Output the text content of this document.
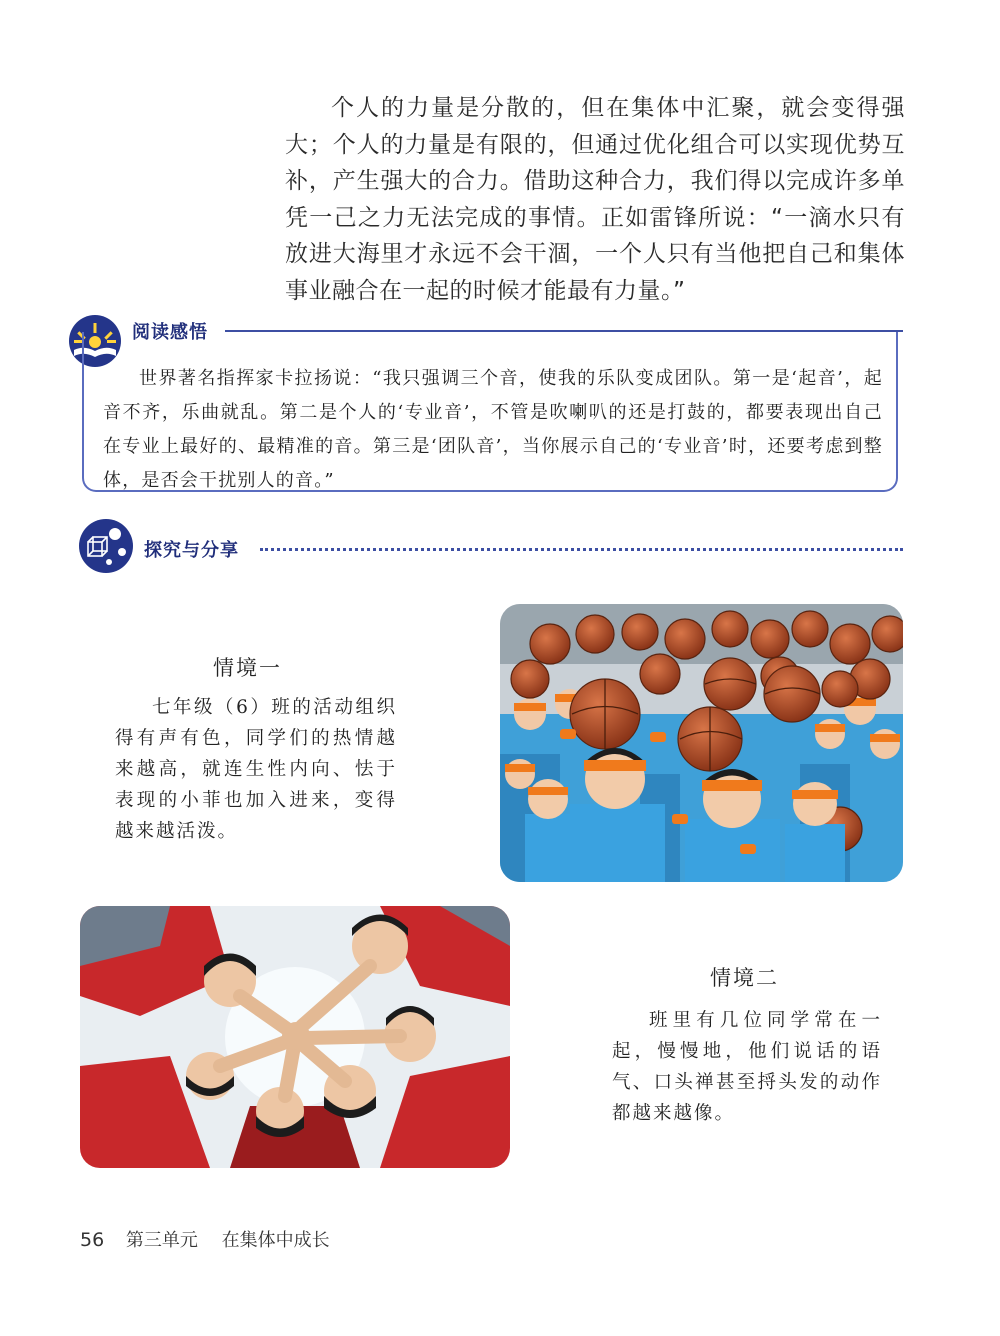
个人的力量是分散的，但在集体中汇聚，就会变得强大；个人的力量是有限的，但通过优化组合可以实现优势互补，产生强大的合力。借助这种合力，我们得以完成许多单凭一己之力无法完成的事情。正如雷锋所说：“一滴水只有放进大海里才永远不会干涸，一个人只有当他把自己和集体事业融合在一起的时候才能最有力量。”

阅读感悟

世界著名指挥家卡拉扬说：“我只强调三个音，使我的乐队变成团队。第一是‘起音’，起音不齐，乐曲就乱。第二是个人的‘专业音’，不管是吹喇叭的还是打鼓的，都要表现出自己在专业上最好的、最精准的音。第三是‘团队音’，当你展示自己的‘专业音’时，还要考虑到整体，是否会干扰别人的音。”

探究与分享
情境一

七年级（6）班的活动组织得有声有色，同学们的热情越来越高，就连生性内向、怯于表现的小菲也加入进来，变得越来越活泼。

情境二

班里有几位同学常在一起，慢慢地，他们说话的语气、口头禅甚至捋头发的动作都越来越像。

56 第三单元 在集体中成长
